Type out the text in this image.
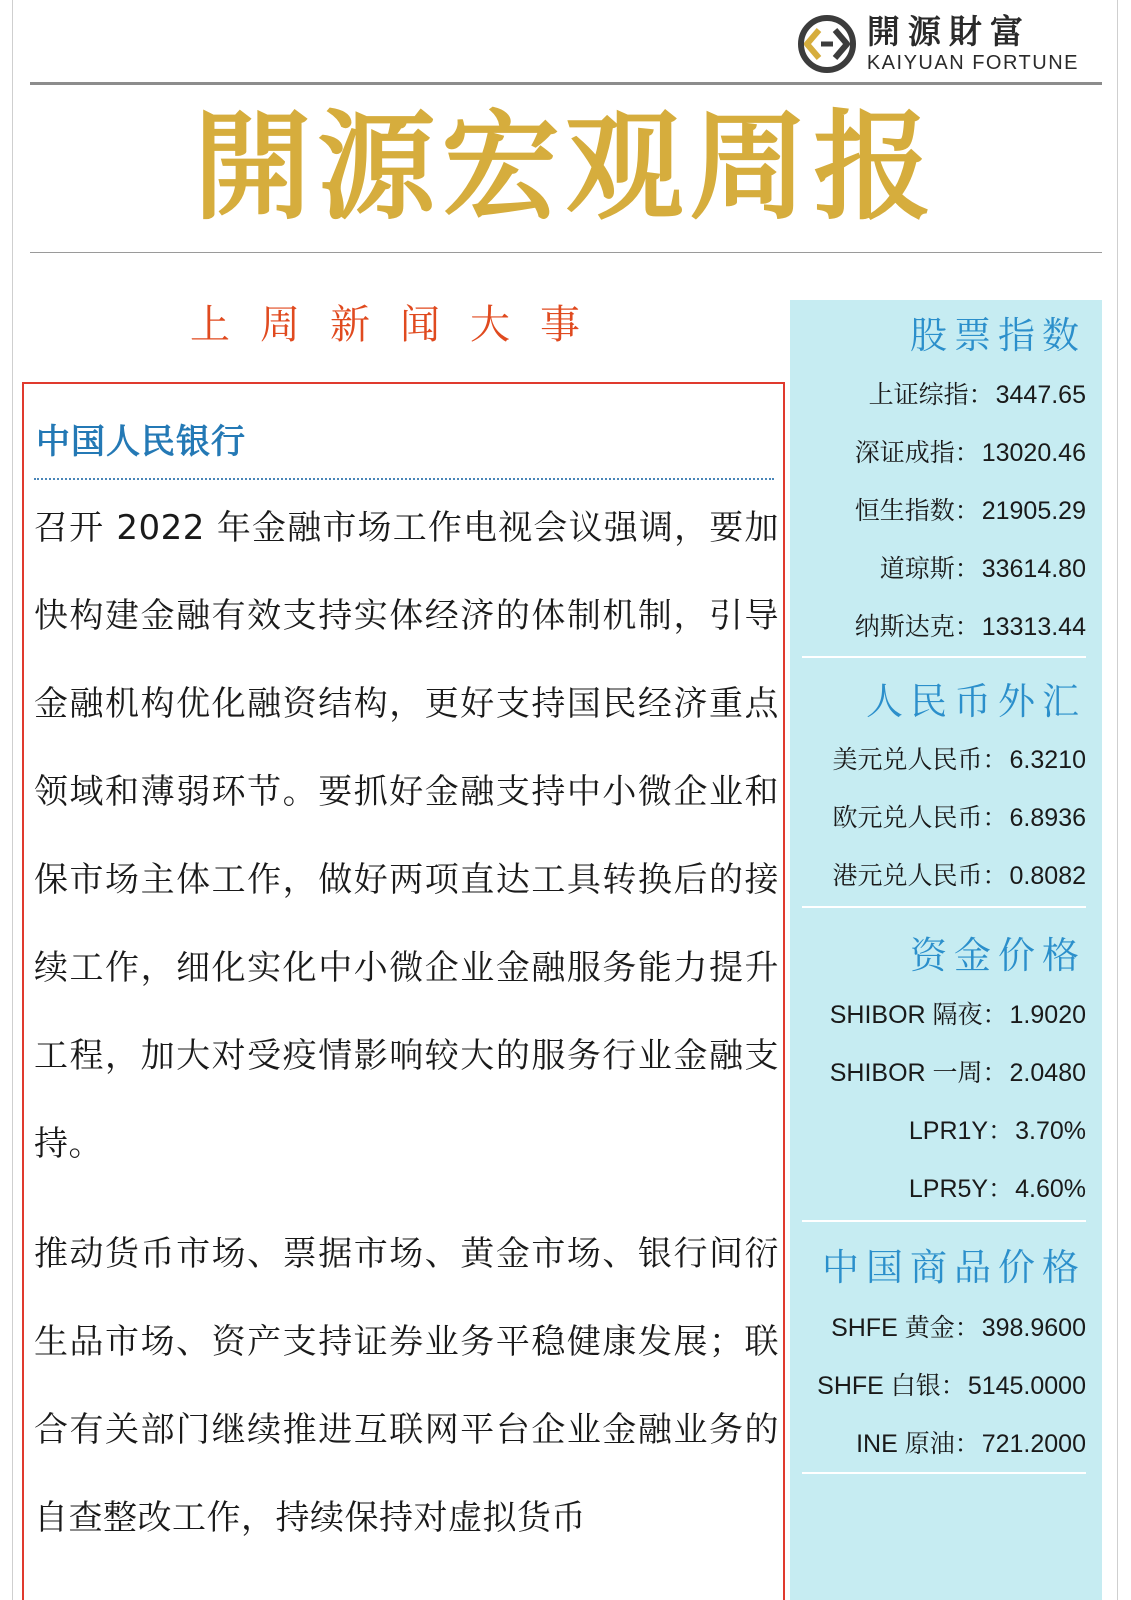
開源財富
KAIYUAN FORTUNE
開源宏观周报
上周新闻大事
中国人民银行
召开 2022 年金融市场工作电视会议强调，要加快构建金融有效支持实体经济的体制机制，引导金融机构优化融资结构，更好支持国民经济重点领域和薄弱环节。要抓好金融支持中小微企业和保市场主体工作，做好两项直达工具转换后的接续工作，细化实化中小微企业金融服务能力提升工程，加大对受疫情影响较大的服务行业金融支持。
推动货币市场、票据市场、黄金市场、银行间衍生品市场、资产支持证券业务平稳健康发展；联合有关部门继续推进互联网平台企业金融业务的自查整改工作，持续保持对虚拟货币
股票指数
上证综指：3447.65
深证成指：13020.46
恒生指数：21905.29
道琼斯：33614.80
纳斯达克：13313.44
人民币外汇
美元兑人民币：6.3210
欧元兑人民币：6.8936
港元兑人民币：0.8082
资金价格
SHIBOR 隔夜：1.9020
SHIBOR 一周：2.0480
LPR1Y：3.70%
LPR5Y：4.60%
中国商品价格
SHFE 黄金：398.9600
SHFE 白银：5145.0000
INE 原油：721.2000
